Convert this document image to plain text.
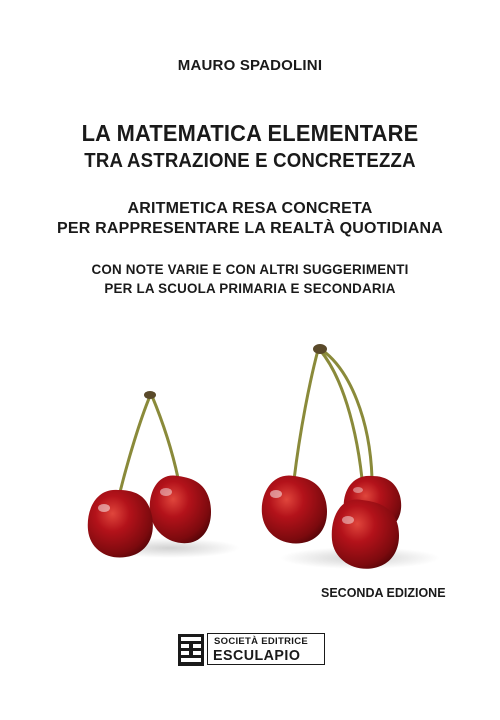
MAURO SPADOLINI
LA MATEMATICA ELEMENTARE
TRA ASTRAZIONE E CONCRETEZZA
ARITMETICA RESA CONCRETA
PER RAPPRESENTARE LA REALTÀ QUOTIDIANA
CON NOTE VARIE E CON ALTRI SUGGERIMENTI
PER LA SCUOLA PRIMARIA E SECONDARIA
SECONDA EDIZIONE
SOCIETÀ EDITRICE
ESCULAPIO
